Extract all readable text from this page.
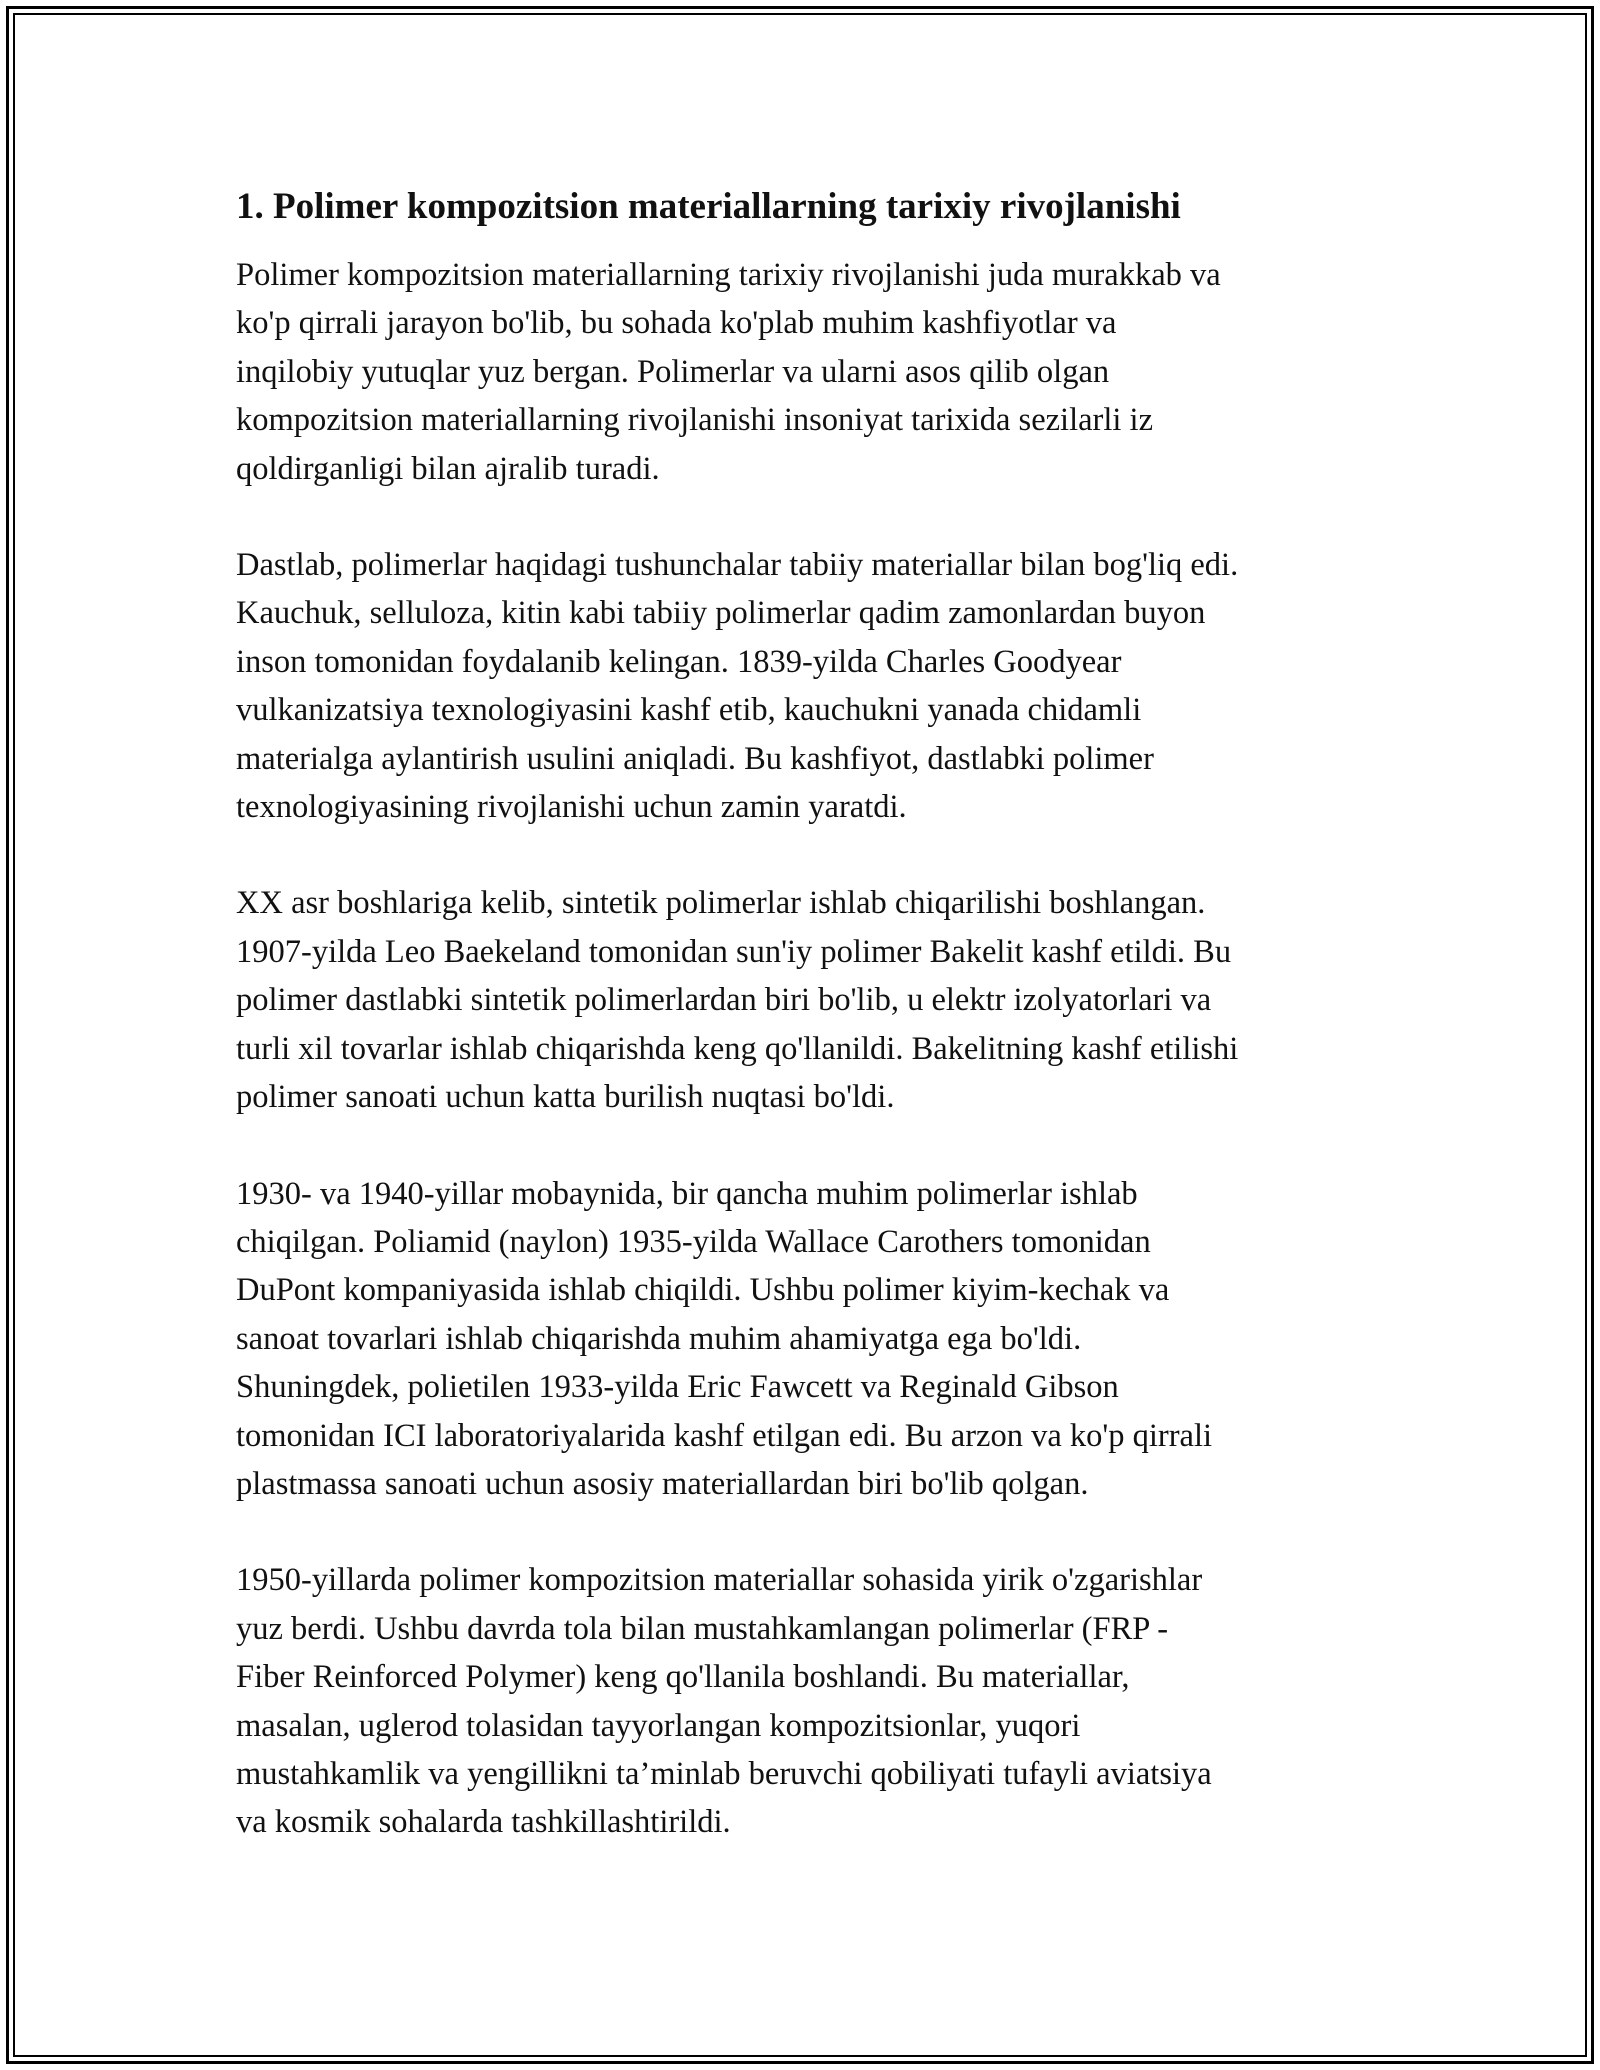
1. Polimer kompozitsion materiallarning tarixiy rivojlanishi
Polimer kompozitsion materiallarning tarixiy rivojlanishi juda murakkab va
ko'p qirrali jarayon bo'lib, bu sohada ko'plab muhim kashfiyotlar va
inqilobiy yutuqlar yuz bergan. Polimerlar va ularni asos qilib olgan
kompozitsion materiallarning rivojlanishi insoniyat tarixida sezilarli iz
qoldirganligi bilan ajralib turadi.
Dastlab, polimerlar haqidagi tushunchalar tabiiy materiallar bilan bog'liq edi.
Kauchuk, selluloza, kitin kabi tabiiy polimerlar qadim zamonlardan buyon
inson tomonidan foydalanib kelingan. 1839-yilda Charles Goodyear
vulkanizatsiya texnologiyasini kashf etib, kauchukni yanada chidamli
materialga aylantirish usulini aniqladi. Bu kashfiyot, dastlabki polimer
texnologiyasining rivojlanishi uchun zamin yaratdi.
XX asr boshlariga kelib, sintetik polimerlar ishlab chiqarilishi boshlangan.
1907-yilda Leo Baekeland tomonidan sun'iy polimer Bakelit kashf etildi. Bu
polimer dastlabki sintetik polimerlardan biri bo'lib, u elektr izolyatorlari va
turli xil tovarlar ishlab chiqarishda keng qo'llanildi. Bakelitning kashf etilishi
polimer sanoati uchun katta burilish nuqtasi bo'ldi.
1930- va 1940-yillar mobaynida, bir qancha muhim polimerlar ishlab
chiqilgan. Poliamid (naylon) 1935-yilda Wallace Carothers tomonidan
DuPont kompaniyasida ishlab chiqildi. Ushbu polimer kiyim-kechak va
sanoat tovarlari ishlab chiqarishda muhim ahamiyatga ega bo'ldi.
Shuningdek, polietilen 1933-yilda Eric Fawcett va Reginald Gibson
tomonidan ICI laboratoriyalarida kashf etilgan edi. Bu arzon va ko'p qirrali
plastmassa sanoati uchun asosiy materiallardan biri bo'lib qolgan.
1950-yillarda polimer kompozitsion materiallar sohasida yirik o'zgarishlar
yuz berdi. Ushbu davrda tola bilan mustahkamlangan polimerlar (FRP -
Fiber Reinforced Polymer) keng qo'llanila boshlandi. Bu materiallar,
masalan, uglerod tolasidan tayyorlangan kompozitsionlar, yuqori
mustahkamlik va yengillikni ta’minlab beruvchi qobiliyati tufayli aviatsiya
va kosmik sohalarda tashkillashtirildi.
